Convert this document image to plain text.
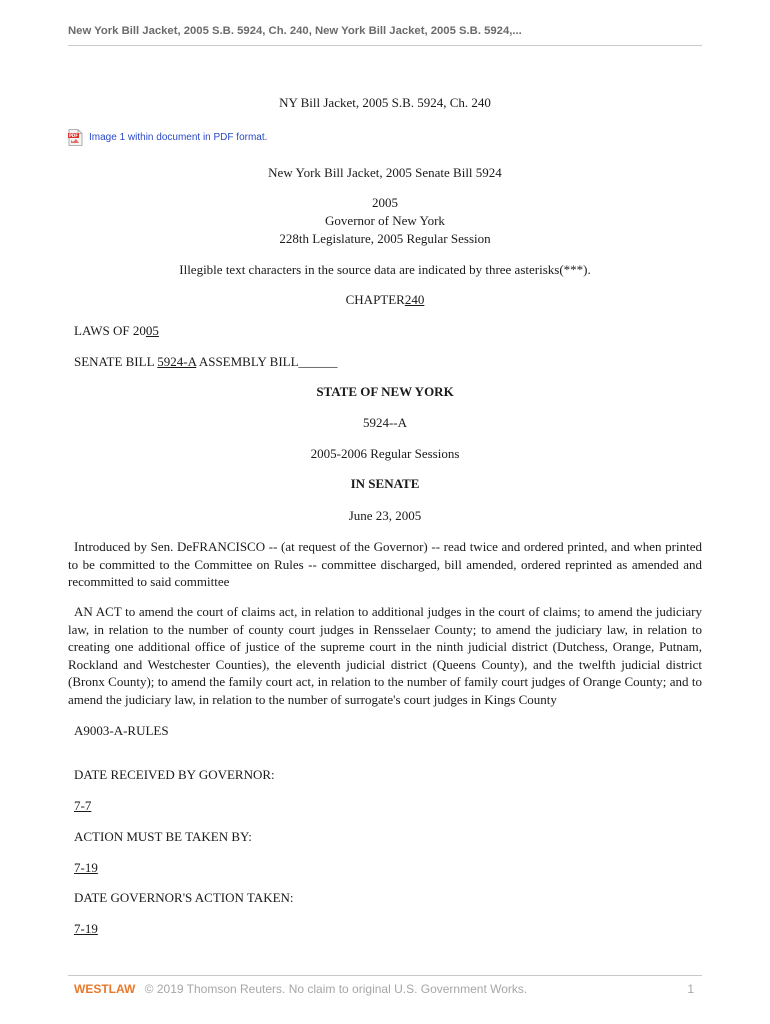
New York Bill Jacket, 2005 S.B. 5924, Ch. 240, New York Bill Jacket, 2005 S.B. 5924,...
NY Bill Jacket, 2005 S.B. 5924, Ch. 240
PDF Image 1 within document in PDF format.
New York Bill Jacket, 2005 Senate Bill 5924
2005
Governor of New York
228th Legislature, 2005 Regular Session
Illegible text characters in the source data are indicated by three asterisks(***).
CHAPTER240
LAWS OF 2005
SENATE BILL 5924-A ASSEMBLY BILL______
STATE OF NEW YORK
5924--A
2005-2006 Regular Sessions
IN SENATE
June 23, 2005
Introduced by Sen. DeFRANCISCO -- (at request of the Governor) -- read twice and ordered printed, and when printed to be committed to the Committee on Rules -- committee discharged, bill amended, ordered reprinted as amended and recommitted to said committee
AN ACT to amend the court of claims act, in relation to additional judges in the court of claims; to amend the judiciary law, in relation to the number of county court judges in Rensselaer County; to amend the judiciary law, in relation to creating one additional office of justice of the supreme court in the ninth judicial district (Dutchess, Orange, Putnam, Rockland and Westchester Counties), the eleventh judicial district (Queens County), and the twelfth judicial district (Bronx County); to amend the family court act, in relation to the number of family court judges of Orange County; and to amend the judiciary law, in relation to the number of surrogate's court judges in Kings County
A9003-A-RULES
DATE RECEIVED BY GOVERNOR:
7-7
ACTION MUST BE TAKEN BY:
7-19
DATE GOVERNOR'S ACTION TAKEN:
7-19
WESTLAW © 2019 Thomson Reuters. No claim to original U.S. Government Works.	1
